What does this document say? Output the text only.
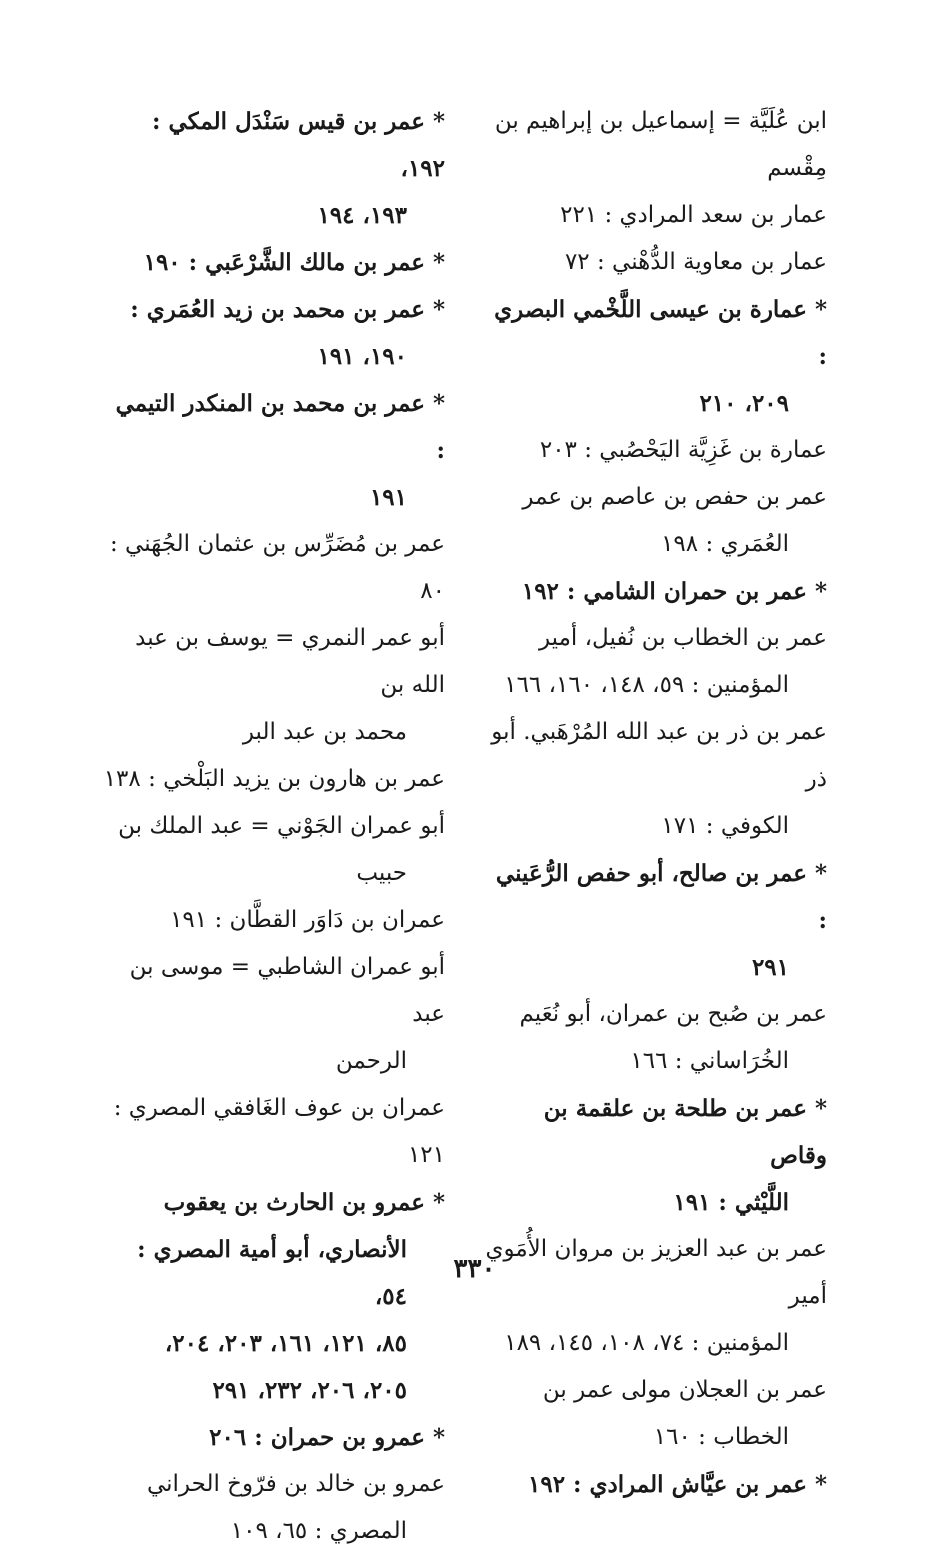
ابن عُلَيَّة = إسماعيل بن إبراهيم بن مِقْسم
عمار بن سعد المرادي : ٢٢١
عمار بن معاوية الدُّهْني : ٧٢
* عمارة بن عيسى اللَّخْمي البصري :

٢٠٩، ٢١٠
عمارة بن غَزِيَّة اليَحْصُبي : ٢٠٣
عمر بن حفص بن عاصم بن عمر

العُمَري : ١٩٨
* عمر بن حمران الشامي : ١٩٢
عمر بن الخطاب بن نُفيل، أمير

المؤمنين : ٥٩، ١٤٨، ١٦٠، ١٦٦
عمر بن ذر بن عبد الله المُرْهَبي. أبو ذر

الكوفي : ١٧١
* عمر بن صالح، أبو حفص الرُّعَيني :

٢٩١
عمر بن صُبح بن عمران، أبو نُعَيم

الخُرَاساني : ١٦٦
* عمر بن طلحة بن علقمة بن وقاص

اللَّيْثي : ١٩١
عمر بن عبد العزيز بن مروان الأُمَوي أمير

المؤمنين : ٧٤، ١٠٨، ١٤٥، ١٨٩
عمر بن العجلان مولى عمر بن

الخطاب : ١٦٠
* عمر بن عيَّاش المرادي : ١٩٢
* عمر بن قيس سَنْدَل المكي : ١٩٢،

١٩٣، ١٩٤
* عمر بن مالك الشَّرْعَبي : ١٩٠
* عمر بن محمد بن زيد العُمَري :

١٩٠، ١٩١
* عمر بن محمد بن المنكدر التيمي :

١٩١
عمر بن مُضَرِّس بن عثمان الجُهَني : ٨٠
أبو عمر النمري = يوسف بن عبد الله بن

محمد بن عبد البر
عمر بن هارون بن يزيد البَلْخي : ١٣٨
أبو عمران الجَوْني = عبد الملك بن

حبيب
عمران بن دَاوَر القطَّان : ١٩١
أبو عمران الشاطبي = موسى بن عبد

الرحمن
عمران بن عوف الغَافقي المصري : ١٢١
* عمرو بن الحارث بن يعقوب

الأنصاري، أبو أمية المصري : ٥٤،
٨٥، ١٢١، ١٦١، ٢٠٣، ٢٠٤،
٢٠٥، ٢٠٦، ٢٣٢، ٢٩١
* عمرو بن حمران : ٢٠٦
عمرو بن خالد بن فرّوخ الحراني

المصري : ٦٥، ١٠٩
٣٣٠
